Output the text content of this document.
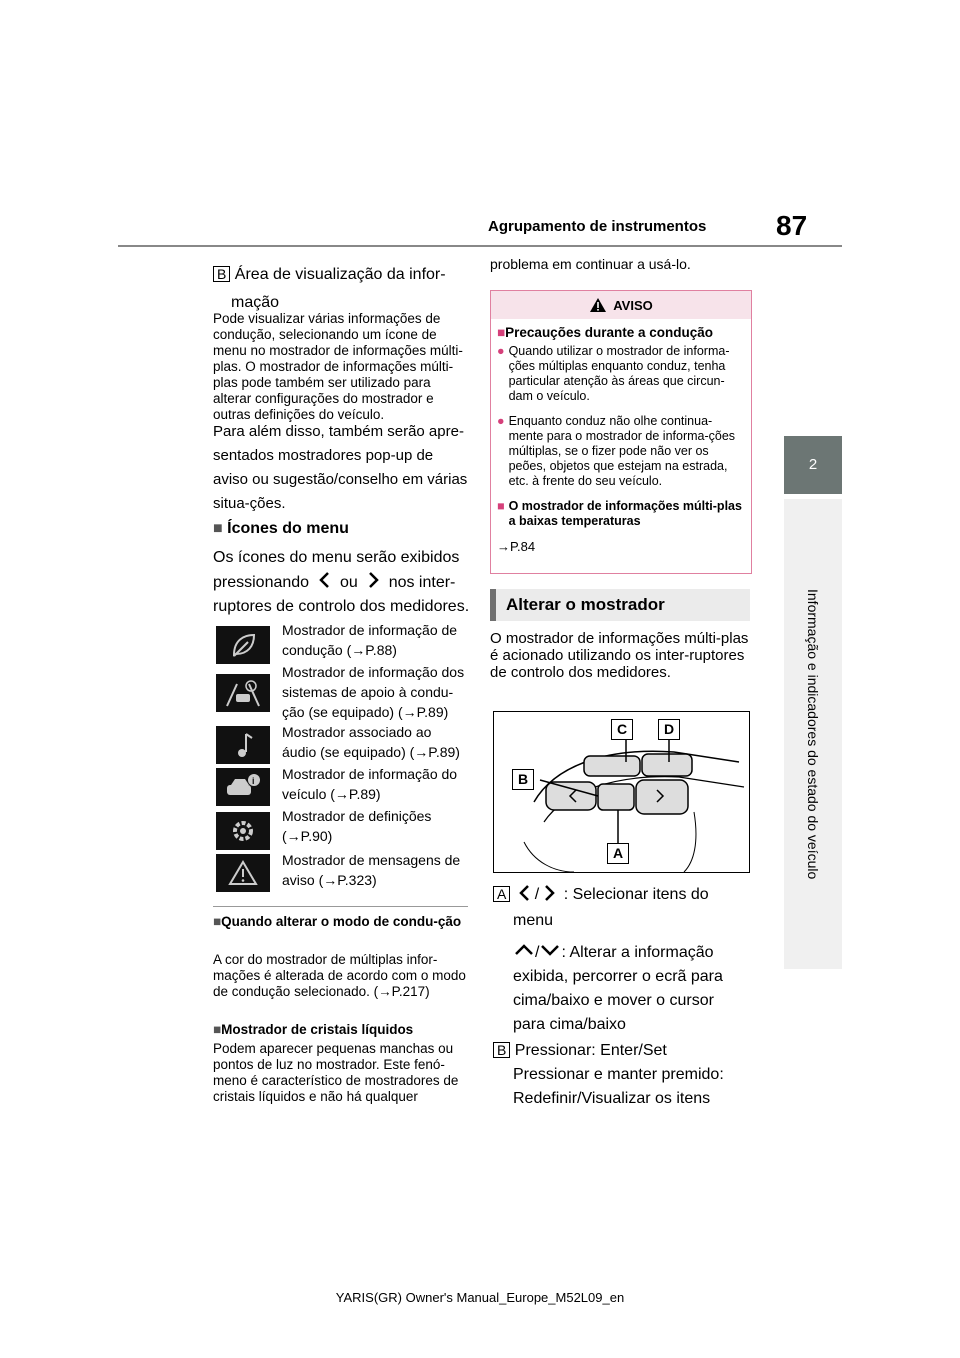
Agrupamento de instrumentos 87
2
Informação e indicadores do estado do veículo
B Área de visualização da infor-
mação
Pode visualizar várias informações de condução, selecionando um ícone de menu no mostrador de informações múlti-plas. O mostrador de informações múlti-plas pode também ser utilizado para alterar configurações do mostrador e outras definições do veículo.
Para além disso, também serão apre-sentados mostradores pop-up de aviso ou sugestão/conselho em várias situa-ções.
■ Ícones do menu
Os ícones do menu serão exibidos
pressionando ou nos inter-
ruptores de controlo dos medidores.
Mostrador de informação de condução (→P.88)
Mostrador de informação dos sistemas de apoio à condu-ção (se equipado) (→P.89)
Mostrador associado ao áudio (se equipado) (→P.89)
i Mostrador de informação do veículo (→P.89)
Mostrador de definições (→P.90)
Mostrador de mensagens de aviso (→P.323)
■Quando alterar o modo de condu-ção
A cor do mostrador de múltiplas infor-mações é alterada de acordo com o modo de condução selecionado. (→P.217)
■Mostrador de cristais líquidos
Podem aparecer pequenas manchas ou pontos de luz no mostrador. Este fenó-meno é característico de mostradores de cristais líquidos e não há qualquer
problema em continuar a usá-lo.
AVISO
■Precauções durante a condução
● Quando utilizar o mostrador de informa-ções múltiplas enquanto conduz, tenha particular atenção às áreas que circun-dam o veículo.
● Enquanto conduz não olhe continua-mente para o mostrador de informa-ções múltiplas, se o fizer pode não ver os peões, objetos que estejam na estrada, etc. à frente do seu veículo.
■ O mostrador de informações múlti-plas a baixas temperaturas
→P.84
Alterar o mostrador
O mostrador de informações múlti-plas é acionado utilizando os inter-ruptores de controlo dos medidores.
C	D
B
A
A / : Selecionar itens do
menu
/ : Alterar a informação
exibida, percorrer o ecrã para
cima/baixo e mover o cursor
para cima/baixo
B Pressionar: Enter/Set
Pressionar e manter premido:
Redefinir/Visualizar os itens
YARIS(GR) Owner's Manual_Europe_M52L09_en
